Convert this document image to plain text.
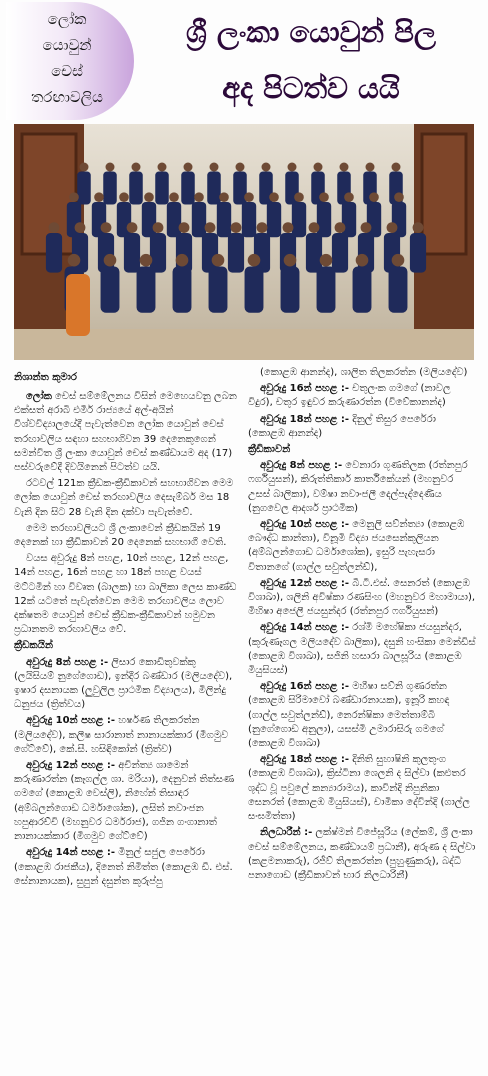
ලෝක
යොවුන්
චෙස්
තරඟාවලිය
ශ්‍රී ලංකා යොවුන් පිල
අද පිටත්ව යයි
නිශාන්ත කුමාර

ලෝක චෙස් සම්මේලනය විසින් මෙහෙයවනු ලබන එක්සත් අරාබි එමීර් රාජ්‍යයේ අල්-අයින් විශ්වවිද්‍යාලයේදී පැවැත්වෙන ලෝක යොවුන් චෙස් තරඟාවලිය සඳහා සහභාගිවන 39 දෙනෙකුගෙන් සමන්විත ශ්‍රී ලංකා යොවුන් චෙස් කණ්ඩායම අද (17) පස්වරුවේදී දිවයිනෙන් පිටත්ව යයි.

රටවල් 121ක ක්‍රීඩක-ක්‍රීඩිකාවන් සහභාගිවන මෙම ලෝක යොවුන් චෙස් තරඟාවලිය දෙසැම්බර් මස 18 වැනි දින සිට 28 වැනි දින දක්වා පැවැත්වේ.

මෙම තරඟාවලියට ශ්‍රී ලංකාවෙන් ක්‍රීඩකයින් 19 දෙනෙක් හා ක්‍රීඩිකාවන් 20 දෙනෙක් සහභාගී වෙති.

වයස අවුරුදු 8න් පහළ, 10න් පහළ, 12න් පහළ, 14න් පහළ, 16න් පහළ හා 18න් පහළ වයස් මට්ටමින් හා විවෘත (බාලක) හා බාලිකා ලෙස කාණ්ඩ 12ක් යටතේ පැවැත්වෙන මෙම තරඟාවලිය ලොව දක්ෂතම යොවුන් චෙස් ක්‍රීඩක-ක්‍රීඩිකාවන් හමුවන ප්‍රධානතම තරඟාවලිය වේ.

ක්‍රීඩකයින්

අවුරුදු 8න් පහළ :- ලිසාර කොඩිතුවක්කු (ලයිසියම් නුගේගොඩ), ඉන්දීර බණ්ඩාර (මලියදේව), ඉෂාර දසනායක (ලුවුලිල ප්‍රාථමික විද්‍යාලය), මිලින්දු ධනුජය (ත්‍රිත්වය)

අවුරුදු 10න් පහළ :- හර්ෂණ තිලකරත්න (මලියදේව), කලීෂ සාරානාත් නානායක්කාර (මීගමුව ගේට්වේ), කේ.සී. හසිඳිකෝන් (ත්‍රිත්ව)

අවුරුදු 12න් පහළ :- අචින්ත්‍ය ශාමෙන් කරුණාරත්න (කෑගල්ල ශා. මරියා), දෙනුවන් තිත්සණ ගමගේ (කොළඹ වෙස්ලි), නිහේන් තිසාඳර (අම්බලන්ගොඩ ධර්මාශෝක), ලසිත් නවාංජන හපුආරච්චි (මහනුවර ධර්මරාජ), ගජින ගංගානාත් නානායක්කාර (මීගමුව ගේට්වේ)

අවුරුදු 14න් පහළ :- මිනුල් සජුල පෙරේරා (කොළඹ රාජකීය), දිනෙත් නිමිත්ත (කොළඹ ඩී. එස්. සේනානායක), සුපුන් දසුන්ත කුරුප්පු

(කොළඹ ආනන්ද), ශාලිත තිලකරත්න (මලියදේව)

අවුරුදු 16න් පහළ :- චතුලංක ගමගේ (නාවල විදුර), චතුර ඉඳුවර කරුණාරත්න (විවේකානන්ද)

අවුරුදු 18න් පහළ :- දිනුල් තිසුර පෙරේරා (කොළඹ ආනන්ද)

ක්‍රීඩිකාවන්

අවුරුදු 8න් පහළ :- වෙනාරා ගුණතිලක (රත්නපුර ෆර්ගියුසන්), කිරුත්තිකාර් කාර්තිකේයන් (මහනුවර උසස් බාලිකා), වම්ෂා නවාංජලී දෙල්පැද්දෙණිය (නුගවෙල ආදර්ශ ප්‍රාථමික)

අවුරුදු 10න් පහළ :- මෙනුලි සව්න්ත්‍යා (කොළඹ බෞද්ධ කාන්තා), විනූමි විද්‍යා ජයසෙන්කුලියන (අම්බලන්ගොඩ ධර්මාශෝක), ඉසුරි පැහැසරා විතානගේ (ගාල්ල සවුත්ලන්ඩ්),

අවුරුදු 12න් පහළ :- බී.ටී.එස්. සෙනරත් (කොළඹ විශාඛා), ශලිනි අවිෂ්කා රණසිංහ (මහනුවර මහාමායා), මිහිෂා අජෙලී ජයසුන්දර (රත්නපුර ෆර්ගියුසන්)

අවුරුදු 14න් පහළ :- රශ්මි මහේෂිකා ජයසුන්දර, (කුරුණෑගල මලියදේව බාලිකා), දසුනි හංසිකා මෙන්ඩිස් (කොළඹ විශාඛා), සජිනි හසාරා බාලසූරිය (කොළඹ මියුසියස්)

අවුරුදු 16න් පහළ :- මහීෂා සව්නි ගුණරත්න (කොළඹ සිරිමාවෝ බණ්ඩාරනායක), ඉනූරි කහඳ (ගාල්ල සවුත්ලන්ඩ්), නෙරන්ෂිකා මෙත්තාම්බි (නුගේගොඩ අනුලා), යසස්මි උමාරාසිරු ගමගේ (කොළඹ විශාඛා)

අවුරුදු 18න් පහළ :- දිනිති සුහාෂිනි කුලතුංග (කොළඹ විශාඛා), ක්‍රිස්ටිනා ශෙලනි ද සිල්වා (කළුතර ශුද්ධ වූ පවුලේ කන්‍යාරාමය), කාවින්දි නිපුනිකා සෙනරත් (කොළඹ මියුසියස්), චාමිකා දේවින්දි (ගාල්ල සංඝමිත්තා)

නිලධාරීන් :- ලක්ෂ්මන් විජේසූරිය (ලේකම්, ශ්‍රී ලංකා චෙස් සම්මේලනය, කණ්ඩායම් ප්‍රධානී), අරුණ ද සිල්වා (කළමනාකරු), රජීව් තිලකරත්න (පුහුණුකරු), බද්ධි පනාගොඩ (ක්‍රීඩිකාවන් භාර නිලධාරිනී)
